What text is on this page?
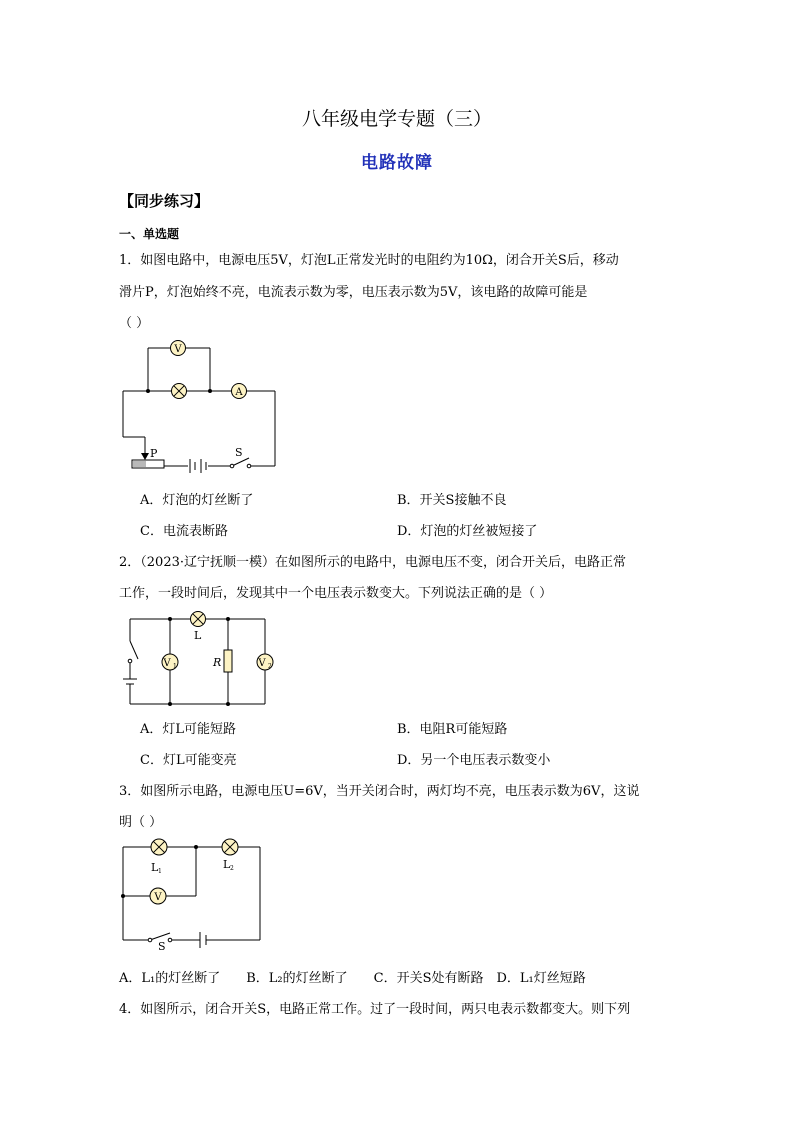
八年级电学专题（三）
电路故障
【同步练习】
一、单选题
1．如图电路中，电源电压5V，灯泡L正常发光时的电阻约为10Ω，闭合开关S后，移动
滑片P，灯泡始终不亮，电流表示数为零，电压表示数为5V，该电路的故障可能是
（ ）
V
A
P	S
A．灯泡的灯丝断了	B．开关S接触不良
C．电流表断路	D．灯泡的灯丝被短接了
2．（2023·辽宁抚顺一模）在如图所示的电路中，电源电压不变，闭合开关后，电路正常
工作，一段时间后，发现其中一个电压表示数变大。下列说法正确的是（ ）
L
V 1	V 2
R
A．灯L可能短路	B．电阻R可能短路
C．灯L可能变亮	D．另一个电压表示数变小
3．如图所示电路，电源电压U=6V，当开关闭合时，两灯均不亮，电压表示数为6V，这说
明（ ）
L 1
L 2
V
S
A．L₁的灯丝断了　　B．L₂的灯丝断了　　C．开关S处有断路　D．L₁灯丝短路
4．如图所示，闭合开关S，电路正常工作。过了一段时间，两只电表示数都变大。则下列
